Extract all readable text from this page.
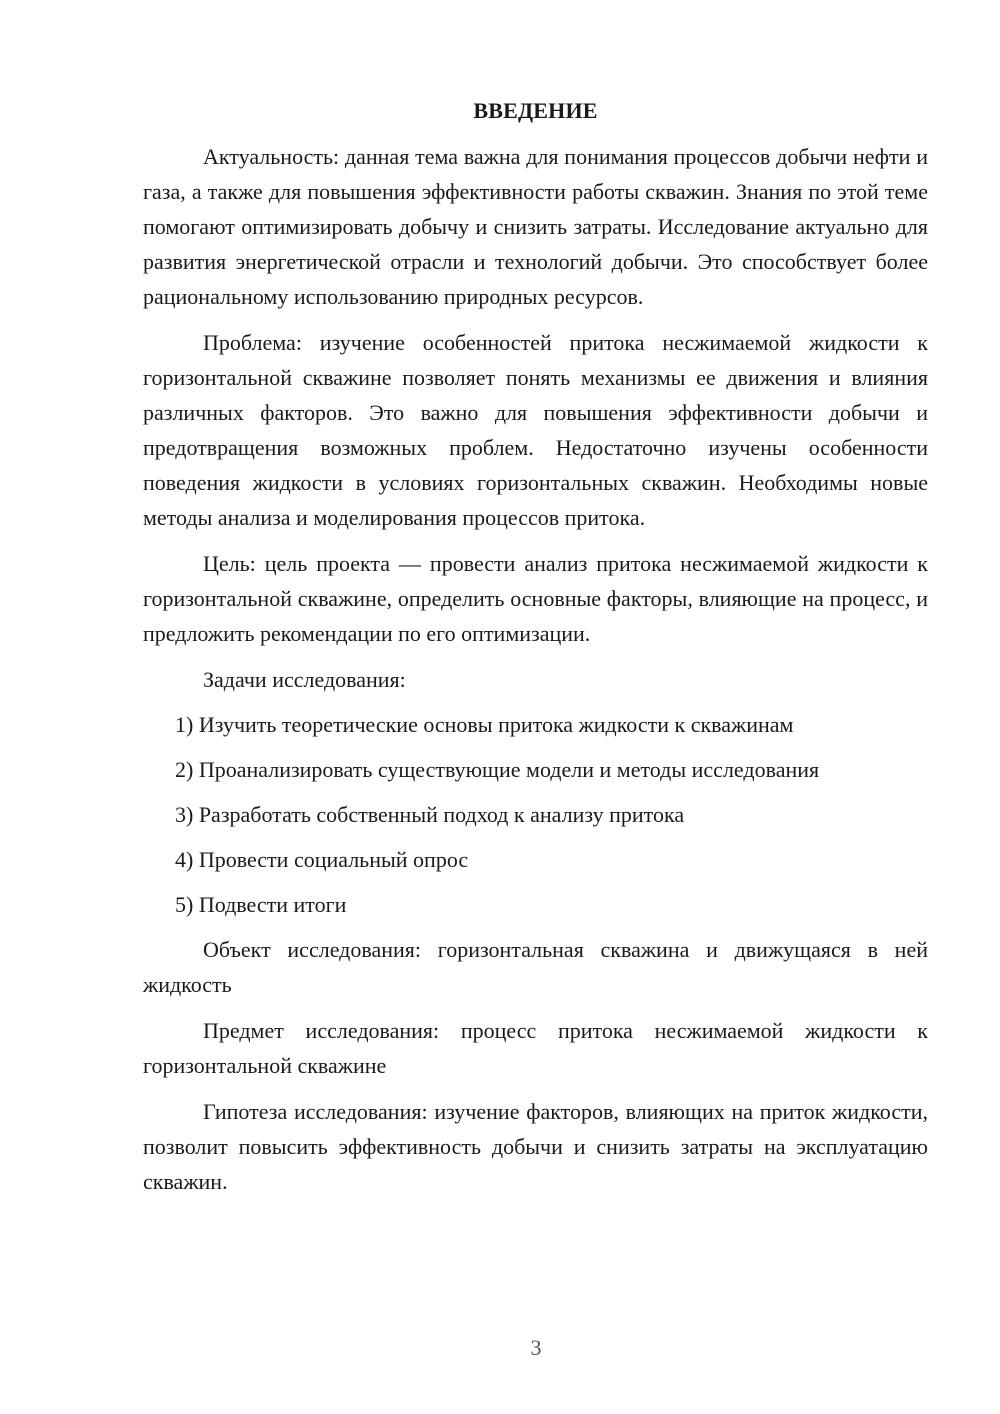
ВВЕДЕНИЕ

Актуальность: данная тема важна для понимания процессов добычи нефти и газа, а также для повышения эффективности работы скважин. Знания по этой теме помогают оптимизировать добычу и снизить затраты. Исследование актуально для развития энергетической отрасли и технологий добычи. Это способствует более рациональному использованию природных ресурсов.

Проблема: изучение особенностей притока несжимаемой жидкости к горизонтальной скважине позволяет понять механизмы ее движения и влияния различных факторов. Это важно для повышения эффективности добычи и предотвращения возможных проблем. Недостаточно изучены особенности поведения жидкости в условиях горизонтальных скважин. Необходимы новые методы анализа и моделирования процессов притока.

Цель: цель проекта — провести анализ притока несжимаемой жидкости к горизонтальной скважине, определить основные факторы, влияющие на процесс, и предложить рекомендации по его оптимизации.

Задачи исследования:
1) Изучить теоретические основы притока жидкости к скважинам
2) Проанализировать существующие модели и методы исследования
3) Разработать собственный подход к анализу притока
4) Провести социальный опрос
5) Подвести итоги

Объект исследования: горизонтальная скважина и движущаяся в ней жидкость

Предмет исследования: процесс притока несжимаемой жидкости к горизонтальной скважине

Гипотеза исследования: изучение факторов, влияющих на приток жидкости, позволит повысить эффективность добычи и снизить затраты на эксплуатацию скважин.

3
